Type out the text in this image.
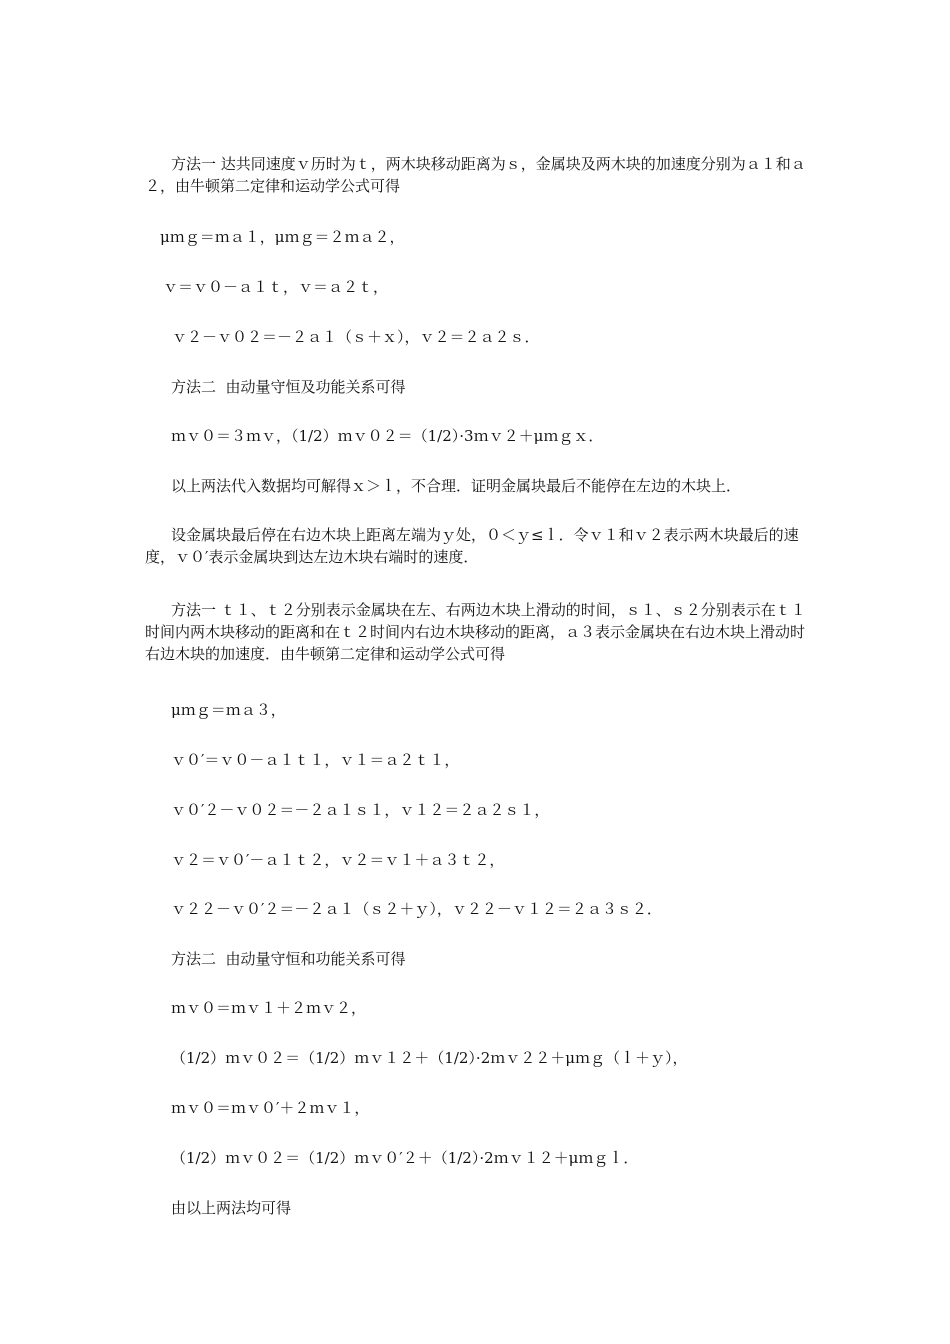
方法一 达共同速度ｖ历时为ｔ，两木块移动距离为ｓ，金属块及两木块的加速度分别为ａ１和ａ２，由牛顿第二定律和运动学公式可得
μｍｇ＝ｍａ１，μｍｇ＝２ｍａ２，
ｖ＝ｖ０－ａ１ｔ，ｖ＝ａ２ｔ，
ｖ２－ｖ０２＝－２ａ１（ｓ＋ｘ），ｖ２＝２ａ２ｓ．
方法二  由动量守恒及功能关系可得
ｍｖ０＝３ｍｖ，（1/2）ｍｖ０２＝（1/2）·3ｍｖ２＋μｍｇｘ．
以上两法代入数据均可解得ｘ＞ｌ，不合理．证明金属块最后不能停在左边的木块上．
设金属块最后停在右边木块上距离左端为ｙ处，０＜ｙ≤ｌ．令ｖ１和ｖ２表示两木块最后的速度，ｖ０′表示金属块到达左边木块右端时的速度．
方法一 ｔ１、ｔ２分别表示金属块在左、右两边木块上滑动的时间，ｓ１、ｓ２分别表示在ｔ１时间内两木块移动的距离和在ｔ２时间内右边木块移动的距离，ａ３表示金属块在右边木块上滑动时右边木块的加速度．由牛顿第二定律和运动学公式可得
μｍｇ＝ｍａ３，
ｖ０′＝ｖ０－ａ１ｔ１，ｖ１＝ａ２ｔ１，
ｖ０′２－ｖ０２＝－２ａ１ｓ１，ｖ１２＝２ａ２ｓ１，
ｖ２＝ｖ０′－ａ１ｔ２，ｖ２＝ｖ１＋ａ３ｔ２，
ｖ２２－ｖ０′２＝－２ａ１（ｓ２＋ｙ），ｖ２２－ｖ１２＝２ａ３ｓ２．
方法二  由动量守恒和功能关系可得
ｍｖ０＝ｍｖ１＋２ｍｖ２，
（1/2）ｍｖ０２＝（1/2）ｍｖ１２＋（1/2）·2ｍｖ２２＋μｍｇ（ｌ＋ｙ），
ｍｖ０＝ｍｖ０′＋２ｍｖ１，
（1/2）ｍｖ０２＝（1/2）ｍｖ０′２＋（1/2）·2ｍｖ１２＋μｍｇｌ．
由以上两法均可得
